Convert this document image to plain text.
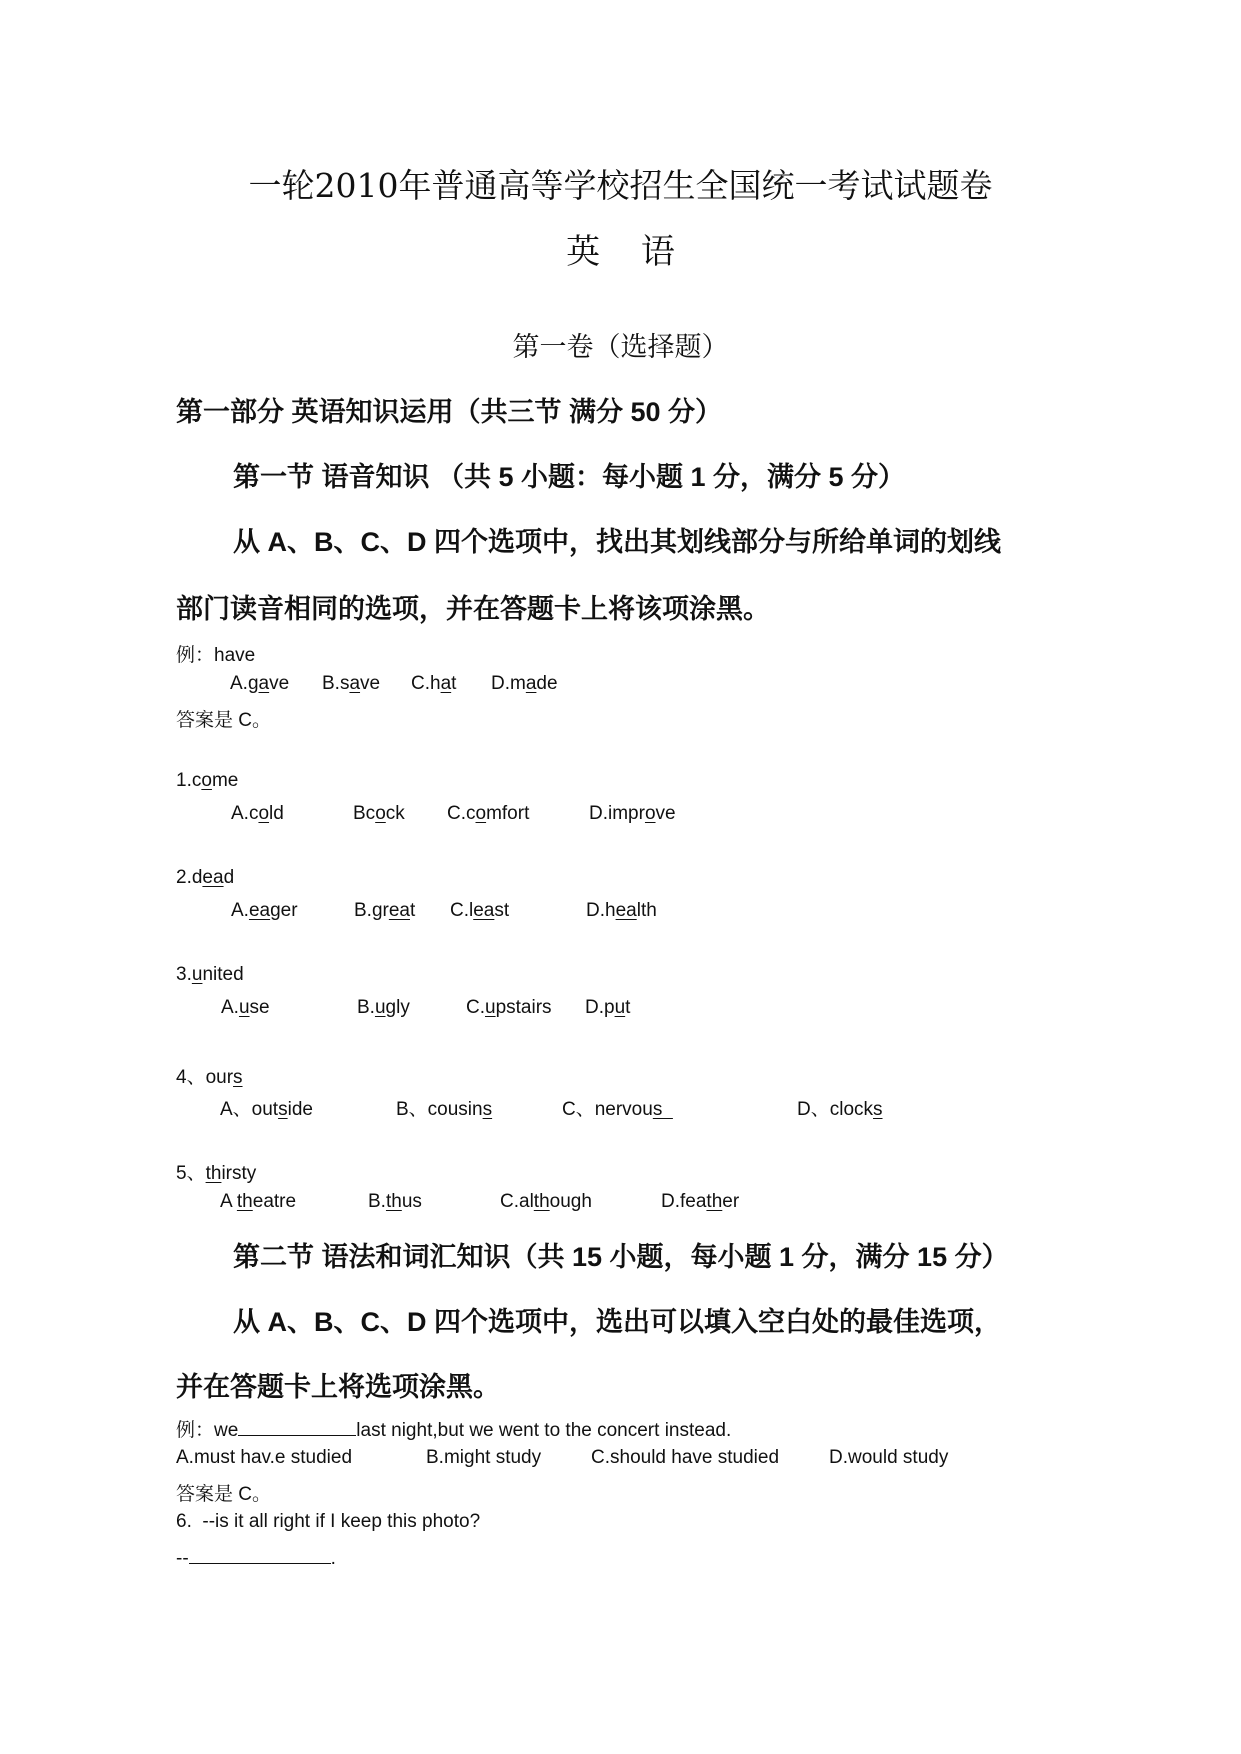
一轮2010年普通高等学校招生全国统一考试试题卷
英 语
第一卷（选择题）
第一部分 英语知识运用（共三节 满分 50 分）
第一节 语音知识 （共 5 小题：每小题 1 分，满分 5 分）
从 A、B、C、D 四个选项中，找出其划线部分与所给单词的划线
部门读音相同的选项，并在答题卡上将该项涂黑。
例：have
A.gave B.save C.hat D.made
答案是 C。
1.come
A.cold	Bcock C.comfort	D.improve
2.dead
A.eager	B.great C.least	D.health
3.united
A.use	B.ugly	C.upstairs D.put
4、ours
A、outside	B、cousins	C、nervous	D、clocks
5、thirsty
A theatre	B.thus	C.although	D.feather
第二节 语法和词汇知识（共 15 小题，每小题 1 分，满分 15 分）
从 A、B、C、D 四个选项中，选出可以填入空白处的最佳选项，
并在答题卡上将选项涂黑。
例：we	last night,but we went to the concert instead.
A.must hav.e studied	B.might study	C.should have studied	D.would study
答案是 C。
6.  --is it all right if I keep this photo?
--	.
